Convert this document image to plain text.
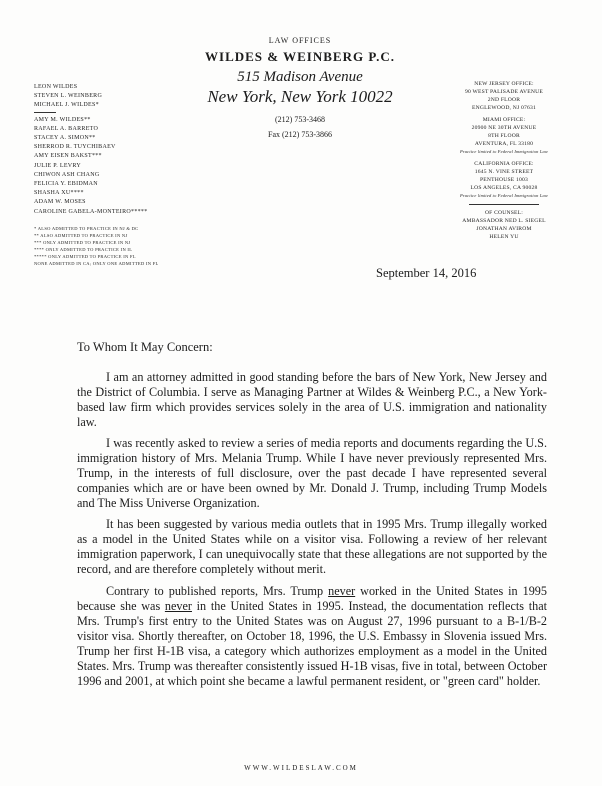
LAW OFFICES
WILDES & WEINBERG P.C.
515 Madison Avenue
New York, New York 10022
(212) 753-3468
Fax (212) 753-3866
LEON WILDES
STEVEN L. WEINBERG
MICHAEL J. WILDES*
AMY M. WILDES**
RAFAEL A. BARRETO
STACEY A. SIMON**
SHERROD R. TUYCHIBAEV
AMY EISEN BAKST***
JULIE P. LEVRY
CHIWON ASH CHANG
FELICIA Y. EBIDMAN
SHASHA XU****
ADAM W. MOSES
CAROLINE GABELA-MONTEIRO*****
* ALSO ADMITTED TO PRACTICE IN NJ & DC
** ALSO ADMITTED TO PRACTICE IN NJ
*** ONLY ADMITTED TO PRACTICE IN NJ
**** ONLY ADMITTED TO PRACTICE IN IL
***** ONLY ADMITTED TO PRACTICE IN FL
NONE ADMITTED IN CA; ONLY ONE ADMITTED IN FL
NEW JERSEY OFFICE:
90 WEST PALISADE AVENUE
2ND FLOOR
ENGLEWOOD, NJ 07631
MIAMI OFFICE:
20900 NE 30TH AVENUE
8TH FLOOR
AVENTURA, FL 33180
Practice limited to Federal Immigration Law
CALIFORNIA OFFICE:
1645 N. VINE STREET
PENTHOUSE 1003
LOS ANGELES, CA 90028
Practice limited to Federal Immigration Law
OF COUNSEL:
AMBASSADOR NED L. SIEGEL
JONATHAN AVIROM
HELEN YU
September 14, 2016
To Whom It May Concern:
I am an attorney admitted in good standing before the bars of New York, New Jersey and the District of Columbia. I serve as Managing Partner at Wildes & Weinberg P.C., a New York-based law firm which provides services solely in the area of U.S. immigration and nationality law.
I was recently asked to review a series of media reports and documents regarding the U.S. immigration history of Mrs. Melania Trump. While I have never previously represented Mrs. Trump, in the interests of full disclosure, over the past decade I have represented several companies which are or have been owned by Mr. Donald J. Trump, including Trump Models and The Miss Universe Organization.
It has been suggested by various media outlets that in 1995 Mrs. Trump illegally worked as a model in the United States while on a visitor visa. Following a review of her relevant immigration paperwork, I can unequivocally state that these allegations are not supported by the record, and are therefore completely without merit.
Contrary to published reports, Mrs. Trump never worked in the United States in 1995 because she was never in the United States in 1995. Instead, the documentation reflects that Mrs. Trump's first entry to the United States was on August 27, 1996 pursuant to a B-1/B-2 visitor visa. Shortly thereafter, on October 18, 1996, the U.S. Embassy in Slovenia issued Mrs. Trump her first H-1B visa, a category which authorizes employment as a model in the United States. Mrs. Trump was thereafter consistently issued H-1B visas, five in total, between October 1996 and 2001, at which point she became a lawful permanent resident, or "green card" holder.
WWW.WILDESLAW.COM
